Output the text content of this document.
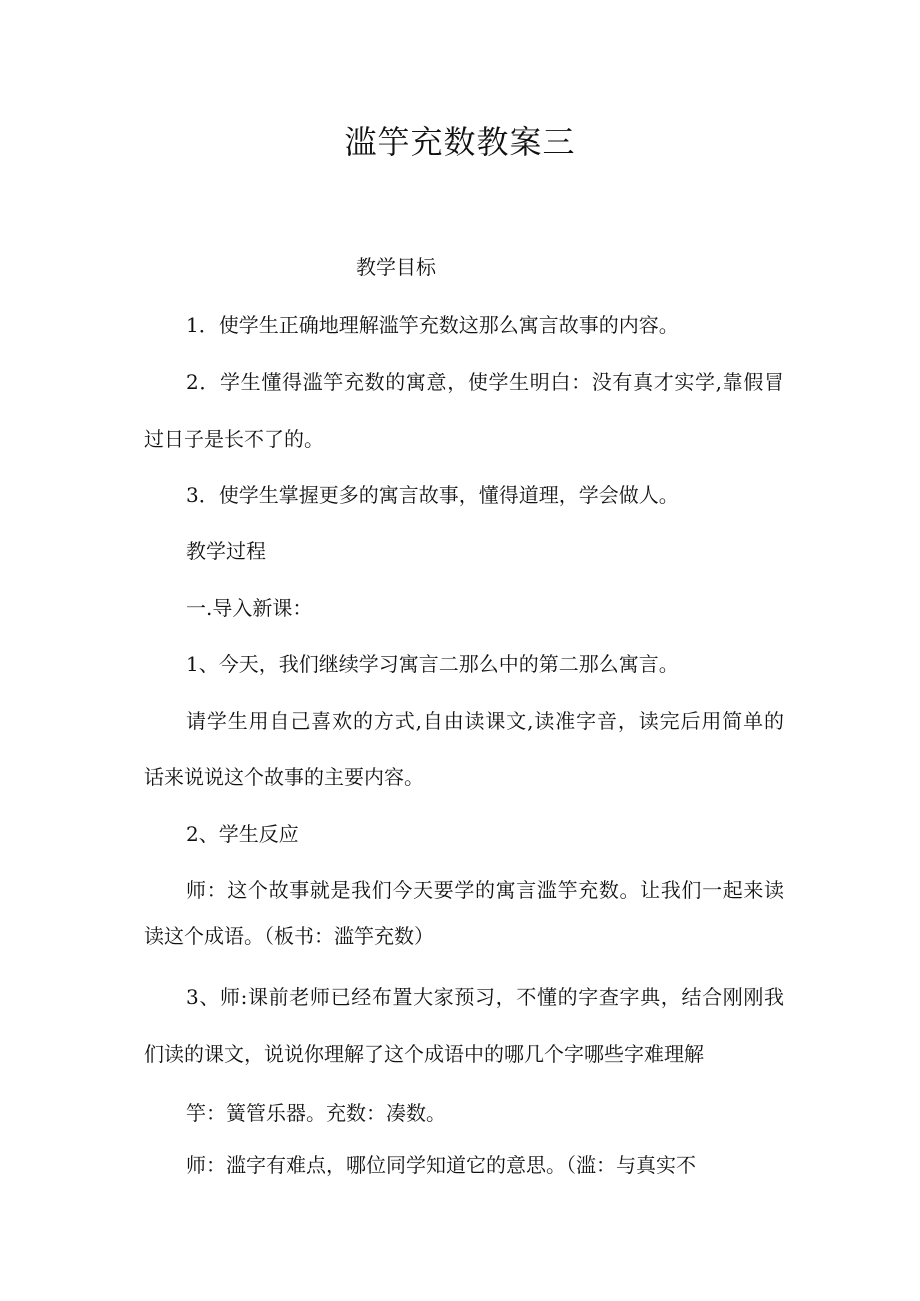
滥竽充数教案三
教学目标
1．使学生正确地理解滥竽充数这那么寓言故事的内容。
2．学生懂得滥竽充数的寓意，使学生明白：没有真才实学,靠假冒
过日子是长不了的。
3．使学生掌握更多的寓言故事，懂得道理，学会做人。
教学过程
一.导入新课：
1、今天，我们继续学习寓言二那么中的第二那么寓言。
请学生用自己喜欢的方式,自由读课文,读准字音，读完后用简单的
话来说说这个故事的主要内容。
2、学生反应
师：这个故事就是我们今天要学的寓言滥竽充数。让我们一起来读
读这个成语。（板书：滥竽充数）
3、师:课前老师已经布置大家预习，不懂的字查字典，结合刚刚我
们读的课文，说说你理解了这个成语中的哪几个字哪些字难理解
竽：簧管乐器。充数：凑数。
师：滥字有难点，哪位同学知道它的意思。（滥：与真实不
